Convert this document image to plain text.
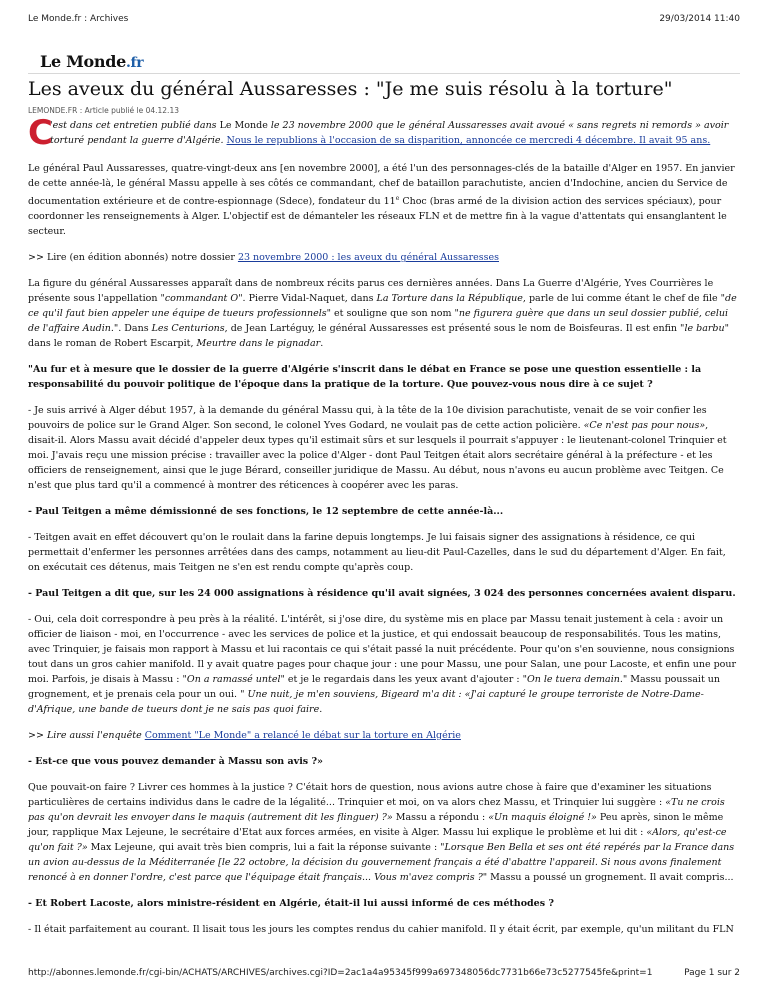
Le Monde.fr : Archives	29/03/2014 11:40
Le Monde.fr
Les aveux du général Aussaresses : "Je me suis résolu à la torture"
LEMONDE.FR : Article publié le 04.12.13

C
'est dans cet entretien publié dans Le Monde le 23 novembre 2000 que le général Aussaresses avait avoué « sans regrets ni remords » avoir torturé pendant la guerre d'Algérie. Nous le republions à l'occasion de sa disparition, annoncée ce mercredi 4 décembre. Il avait 95 ans.

Le général Paul Aussaresses, quatre-vingt-deux ans [en novembre 2000], a été l'un des personnages-clés de la bataille d'Alger en 1957. En janvier de cette année-là, le général Massu appelle à ses côtés ce commandant, chef de bataillon parachutiste, ancien d'Indochine, ancien du Service de documentation extérieure et de contre-espionnage (Sdece), fondateur du 11e Choc (bras armé de la division action des services spéciaux), pour coordonner les renseignements à Alger. L'objectif est de démanteler les réseaux FLN et de mettre fin à la vague d'attentats qui ensanglantent le secteur.

>> Lire (en édition abonnés) notre dossier 23 novembre 2000 : les aveux du général Aussaresses

La figure du général Aussaresses apparaît dans de nombreux récits parus ces dernières années. Dans La Guerre d'Algérie, Yves Courrières le présente sous l'appellation "commandant O". Pierre Vidal-Naquet, dans La Torture dans la République, parle de lui comme étant le chef de file "de ce qu'il faut bien appeler une équipe de tueurs professionnels" et souligne que son nom "ne figurera guère que dans un seul dossier publié, celui de l'affaire Audin.". Dans Les Centurions, de Jean Lartéguy, le général Aussaresses est présenté sous le nom de Boisfeuras. Il est enfin "le barbu" dans le roman de Robert Escarpit, Meurtre dans le pignadar.

"Au fur et à mesure que le dossier de la guerre d'Algérie s'inscrit dans le débat en France se pose une question essentielle : la responsabilité du pouvoir politique de l'époque dans la pratique de la torture. Que pouvez-vous nous dire à ce sujet ?

- Je suis arrivé à Alger début 1957, à la demande du général Massu qui, à la tête de la 10e division parachutiste, venait de se voir confier les pouvoirs de police sur le Grand Alger. Son second, le colonel Yves Godard, ne voulait pas de cette action policière. «Ce n'est pas pour nous», disait-il. Alors Massu avait décidé d'appeler deux types qu'il estimait sûrs et sur lesquels il pourrait s'appuyer : le lieutenant-colonel Trinquier et moi. J'avais reçu une mission précise : travailler avec la police d'Alger - dont Paul Teitgen était alors secrétaire général à la préfecture - et les officiers de renseignement, ainsi que le juge Bérard, conseiller juridique de Massu. Au début, nous n'avons eu aucun problème avec Teitgen. Ce n'est que plus tard qu'il a commencé à montrer des réticences à coopérer avec les paras.

- Paul Teitgen a même démissionné de ses fonctions, le 12 septembre de cette année-là...

- Teitgen avait en effet découvert qu'on le roulait dans la farine depuis longtemps. Je lui faisais signer des assignations à résidence, ce qui permettait d'enfermer les personnes arrêtées dans des camps, notamment au lieu-dit Paul-Cazelles, dans le sud du département d'Alger. En fait, on exécutait ces détenus, mais Teitgen ne s'en est rendu compte qu'après coup.

- Paul Teitgen a dit que, sur les 24 000 assignations à résidence qu'il avait signées, 3 024 des personnes concernées avaient disparu.

- Oui, cela doit correspondre à peu près à la réalité. L'intérêt, si j'ose dire, du système mis en place par Massu tenait justement à cela : avoir un officier de liaison - moi, en l'occurrence - avec les services de police et la justice, et qui endossait beaucoup de responsabilités. Tous les matins, avec Trinquier, je faisais mon rapport à Massu et lui racontais ce qui s'était passé la nuit précédente. Pour qu'on s'en souvienne, nous consignions tout dans un gros cahier manifold. Il y avait quatre pages pour chaque jour : une pour Massu, une pour Salan, une pour Lacoste, et enfin une pour moi. Parfois, je disais à Massu : "On a ramassé untel" et je le regardais dans les yeux avant d'ajouter : "On le tuera demain." Massu poussait un grognement, et je prenais cela pour un oui. " Une nuit, je m'en souviens, Bigeard m'a dit : «J'ai capturé le groupe terroriste de Notre-Dame-d'Afrique, une bande de tueurs dont je ne sais pas quoi faire.

>> Lire aussi l'enquête Comment "Le Monde" a relancé le débat sur la torture en Algérie

- Est-ce que vous pouvez demander à Massu son avis ?»

Que pouvait-on faire ? Livrer ces hommes à la justice ? C'était hors de question, nous avions autre chose à faire que d'examiner les situations particulières de certains individus dans le cadre de la légalité... Trinquier et moi, on va alors chez Massu, et Trinquier lui suggère : «Tu ne crois pas qu'on devrait les envoyer dans le maquis (autrement dit les flinguer) ?» Massu a répondu : «Un maquis éloigné !» Peu après, sinon le même jour, rapplique Max Lejeune, le secrétaire d'Etat aux forces armées, en visite à Alger. Massu lui explique le problème et lui dit : «Alors, qu'est-ce qu'on fait ?» Max Lejeune, qui avait très bien compris, lui a fait la réponse suivante : "Lorsque Ben Bella et ses ont été repérés par la France dans un avion au-dessus de la Méditerranée [le 22 octobre, la décision du gouvernement français a été d'abattre l'appareil. Si nous avons finalement renoncé à en donner l'ordre, c'est parce que l'équipage était français... Vous m'avez compris ?" Massu a poussé un grognement. Il avait compris...

- Et Robert Lacoste, alors ministre-résident en Algérie, était-il lui aussi informé de ces méthodes ?

- Il était parfaitement au courant. Il lisait tous les jours les comptes rendus du cahier manifold. Il y était écrit, par exemple, qu'un militant du FLN

http://abonnes.lemonde.fr/cgi-bin/ACHATS/ARCHIVES/archives.cgi?ID=2ac1a4a95345f999a697348056dc7731b66e73c5277545fe&print=1	Page 1 sur 2
